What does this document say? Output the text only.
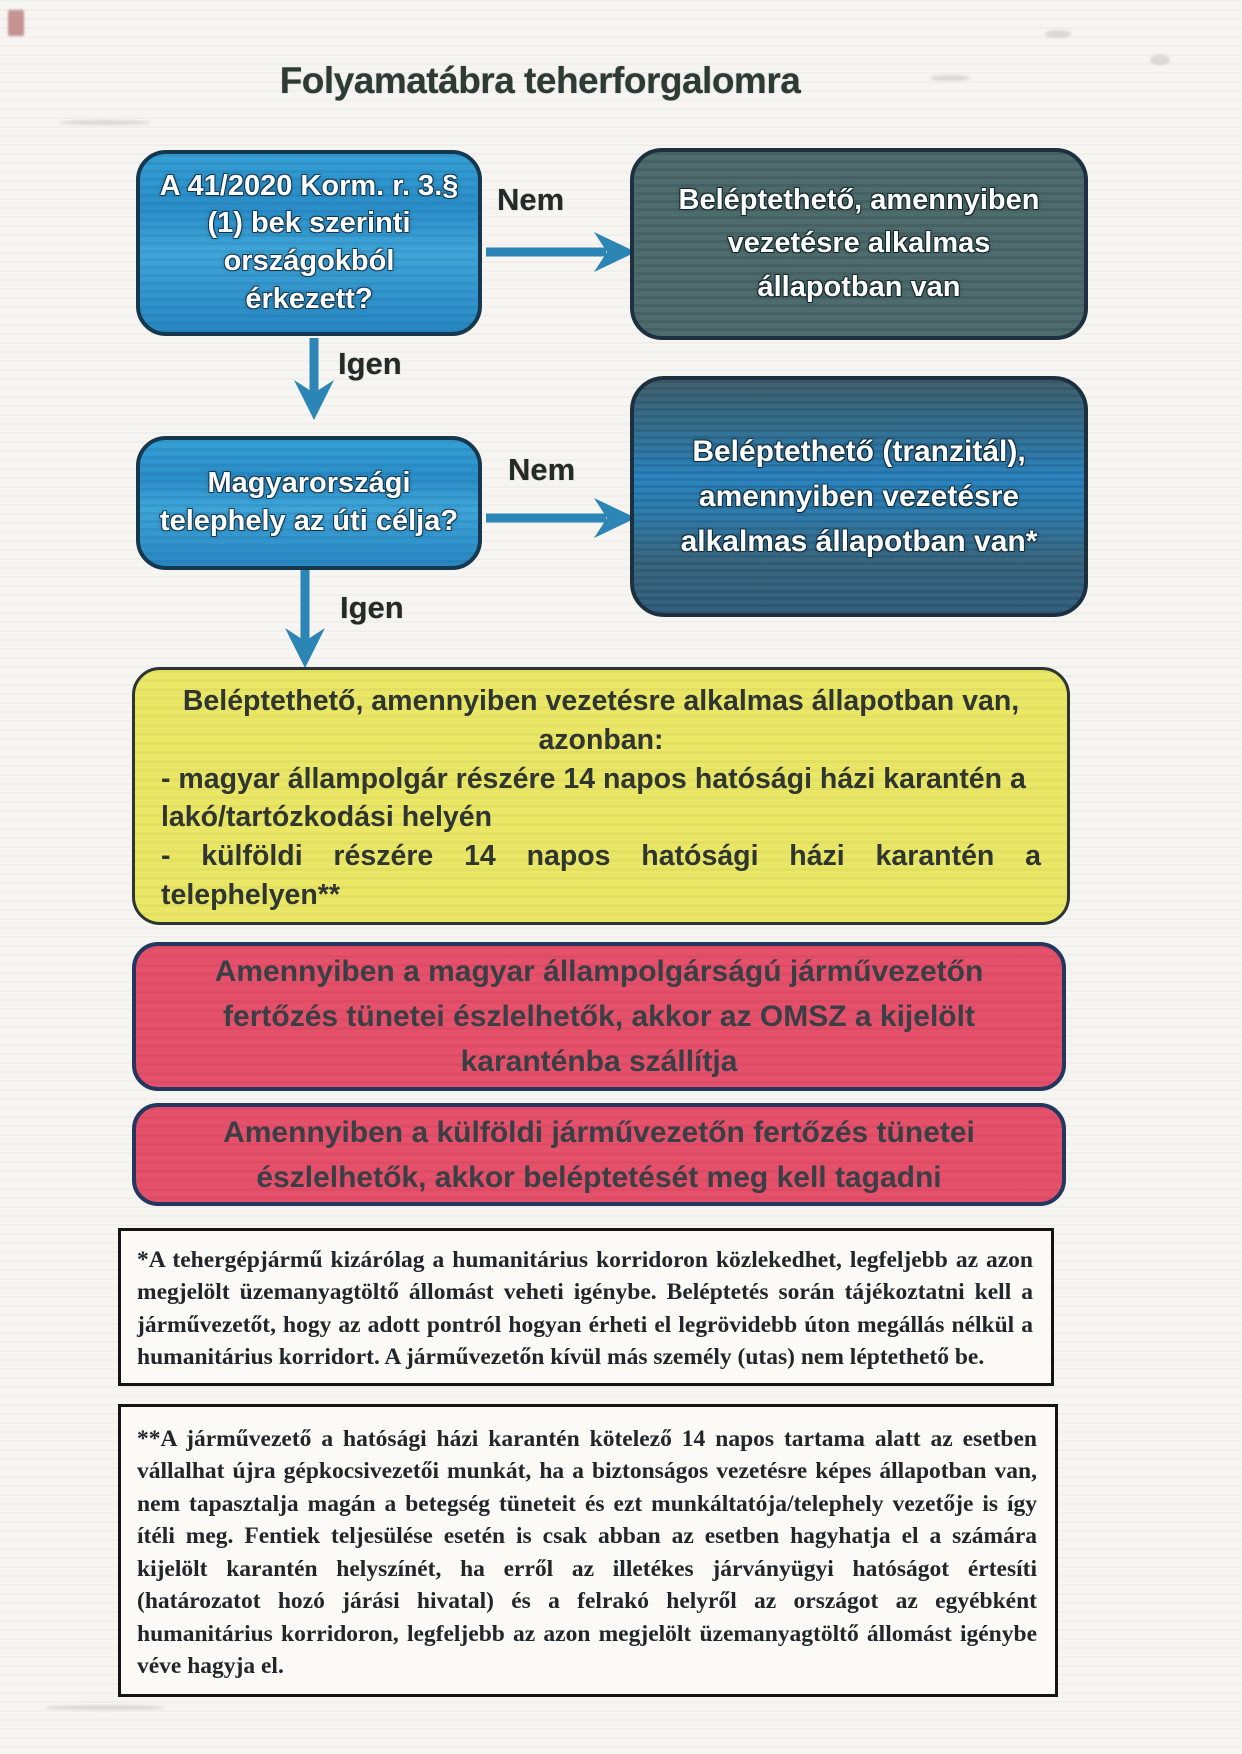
Folyamatábra teherforgalomra
A 41/2020 Korm. r. 3.§ (1) bek szerinti országokból érkezett?
Nem	Beléptethető, amennyiben vezetésre alkalmas állapotban van
Igen
Magyarországi telephely az úti célja?
Nem
Beléptethető (tranzitál), amennyiben vezetésre alkalmas állapotban van*
Igen
Beléptethető, amennyiben vezetésre alkalmas állapotban van,
azonban:
- magyar állampolgár részére 14 napos hatósági házi karantén a lakó/tartózkodási helyén
- külföldi részére 14 napos hatósági házi karantén a telephelyen**
Amennyiben a magyar állampolgárságú járművezetőn fertőzés tünetei észlelhetők, akkor az OMSZ a kijelölt karanténba szállítja
Amennyiben a külföldi járművezetőn fertőzés tünetei észlelhetők, akkor beléptetését meg kell tagadni
*A tehergépjármű kizárólag a humanitárius korridoron közlekedhet, legfeljebb az azon megjelölt üzemanyagtöltő állomást veheti igénybe. Beléptetés során tájékoztatni kell a járművezetőt, hogy az adott pontról hogyan érheti el legrövidebb úton megállás nélkül a humanitárius korridort. A járművezetőn kívül más személy (utas) nem léptethető be.
**A járművezető a hatósági házi karantén kötelező 14 napos tartama alatt az esetben vállalhat újra gépkocsivezetői munkát, ha a biztonságos vezetésre képes állapotban van, nem tapasztalja magán a betegség tüneteit és ezt munkáltatója/telephely vezetője is így ítéli meg. Fentiek teljesülése esetén is csak abban az esetben hagyhatja el a számára kijelölt karantén helyszínét, ha erről az illetékes járványügyi hatóságot értesíti (határozatot hozó járási hivatal) és a felrakó helyről az országot az egyébként humanitárius korridoron, legfeljebb az azon megjelölt üzemanyagtöltő állomást igénybe véve hagyja el.
